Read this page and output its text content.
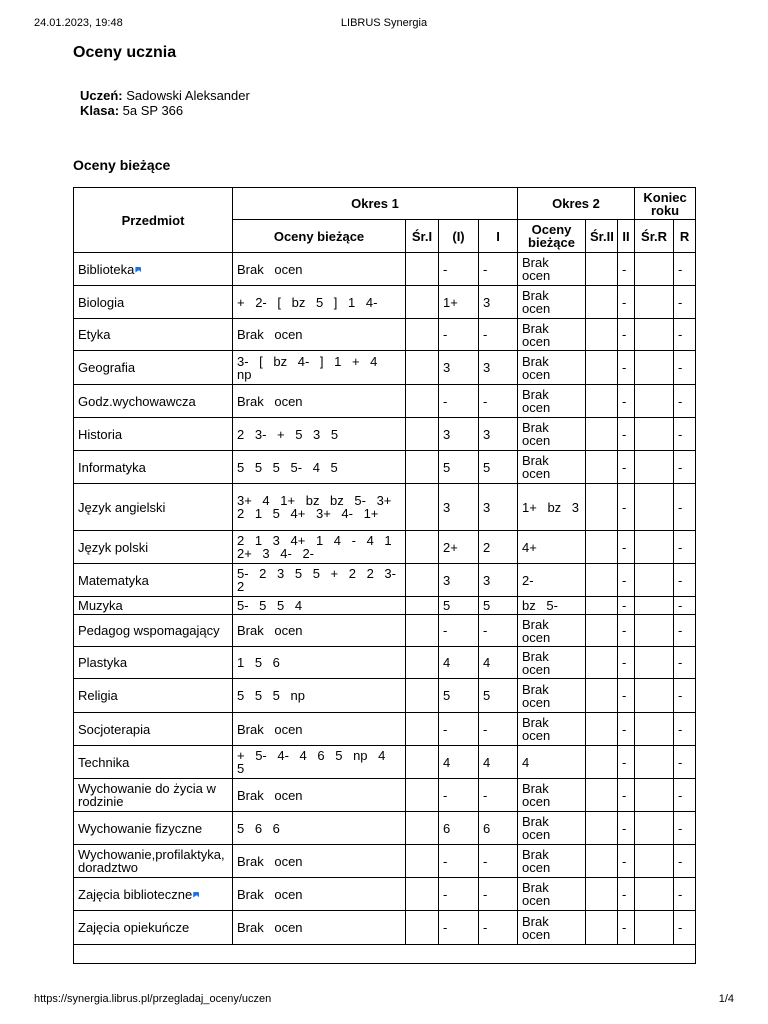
24.01.2023, 19:48	LIBRUS Synergia
Oceny ucznia
Uczeń: Sadowski Aleksander
Klasa: 5a SP 366
Oceny bieżące
Przedmiot	Okres 1				Okres 2			Koniec roku	
	Oceny bieżące	Śr.I	(I)	I	Oceny bieżące	Śr.II	II	Śr.R	R
Biblioteka	Brak ocen		-	-	Brak ocen		-		-
Biologia	+ 2- [ bz 5 ] 1 4-		1+	3	Brak ocen		-		-
Etyka	Brak ocen		-	-	Brak ocen		-		-
Geografia	3- [ bz 4- ] 1 + 4 np		3	3	Brak ocen		-		-
Godz.wychowawcza	Brak ocen		-	-	Brak ocen		-		-
Historia	2 3- + 5 3 5		3	3	Brak ocen		-		-
Informatyka	5 5 5 5- 4 5		5	5	Brak ocen		-		-
Język angielski	3+ 4 1+ bz bz 5- 3+ 2 1 5 4+ 3+ 4- 1+		3	3	1+ bz 3		-		-
Język polski	2 1 3 4+ 1 4 - 4 1 2+ 3 4- 2-		2+	2	4+		-		-
Matematyka	5- 2 3 5 5 + 2 2 3- 2		3	3	2-		-		-
Muzyka	5- 5 5 4		5	5	bz 5-		-		-
Pedagog wspomagający	Brak ocen		-	-	Brak ocen		-		-
Plastyka	1 5 6		4	4	Brak ocen		-		-
Religia	5 5 5 np		5	5	Brak ocen		-		-
Socjoterapia	Brak ocen		-	-	Brak ocen		-		-
Technika	+ 5- 4- 4 6 5 np 4 5		4	4	4		-		-
Wychowanie do życia w rodzinie	Brak ocen		-	-	Brak ocen		-		-
Wychowanie fizyczne	5 6 6		6	6	Brak ocen		-		-
Wychowanie,profilaktyka, doradztwo	Brak ocen		-	-	Brak ocen		-		-
Zajęcia biblioteczne	Brak ocen		-	-	Brak ocen		-		-
Zajęcia opiekuńcze	Brak ocen		-	-	Brak ocen		-		-

https://synergia.librus.pl/przegladaj_oceny/uczen	1/4
